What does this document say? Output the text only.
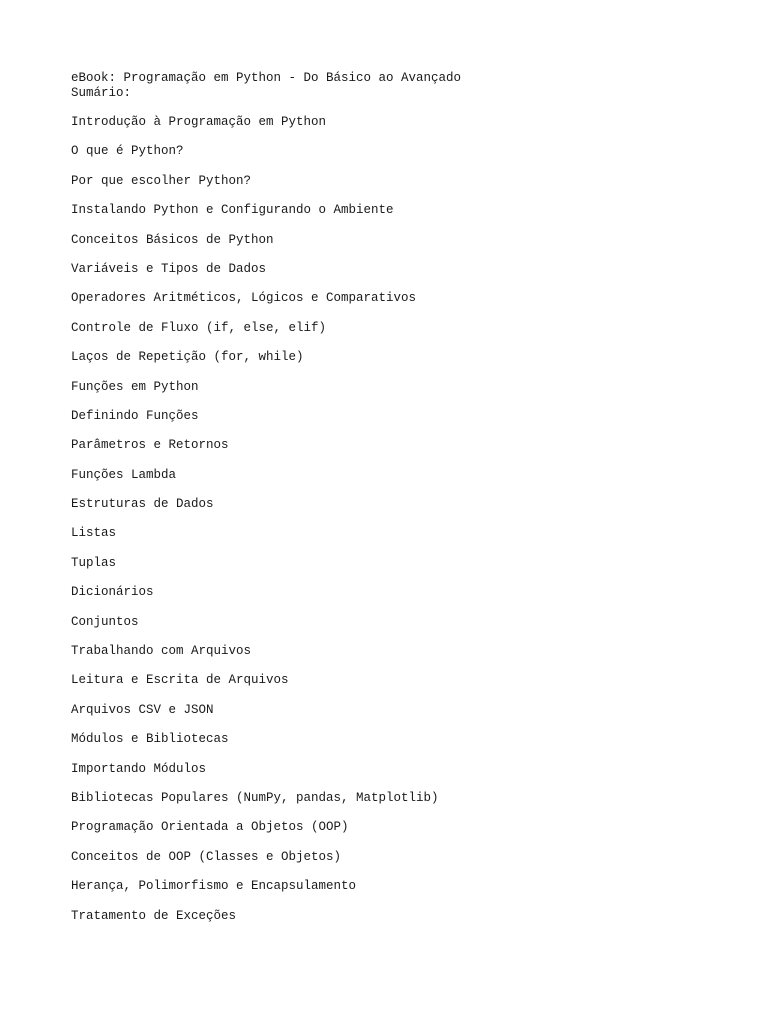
eBook: Programação em Python - Do Básico ao Avançado

Sumário:

Introdução à Programação em Python
O que é Python?
Por que escolher Python?
Instalando Python e Configurando o Ambiente
Conceitos Básicos de Python
Variáveis e Tipos de Dados
Operadores Aritméticos, Lógicos e Comparativos
Controle de Fluxo (if, else, elif)
Laços de Repetição (for, while)
Funções em Python
Definindo Funções
Parâmetros e Retornos
Funções Lambda
Estruturas de Dados
Listas
Tuplas
Dicionários
Conjuntos
Trabalhando com Arquivos
Leitura e Escrita de Arquivos
Arquivos CSV e JSON
Módulos e Bibliotecas
Importando Módulos
Bibliotecas Populares (NumPy, pandas, Matplotlib)
Programação Orientada a Objetos (OOP)
Conceitos de OOP (Classes e Objetos)
Herança, Polimorfismo e Encapsulamento
Tratamento de Exceções
